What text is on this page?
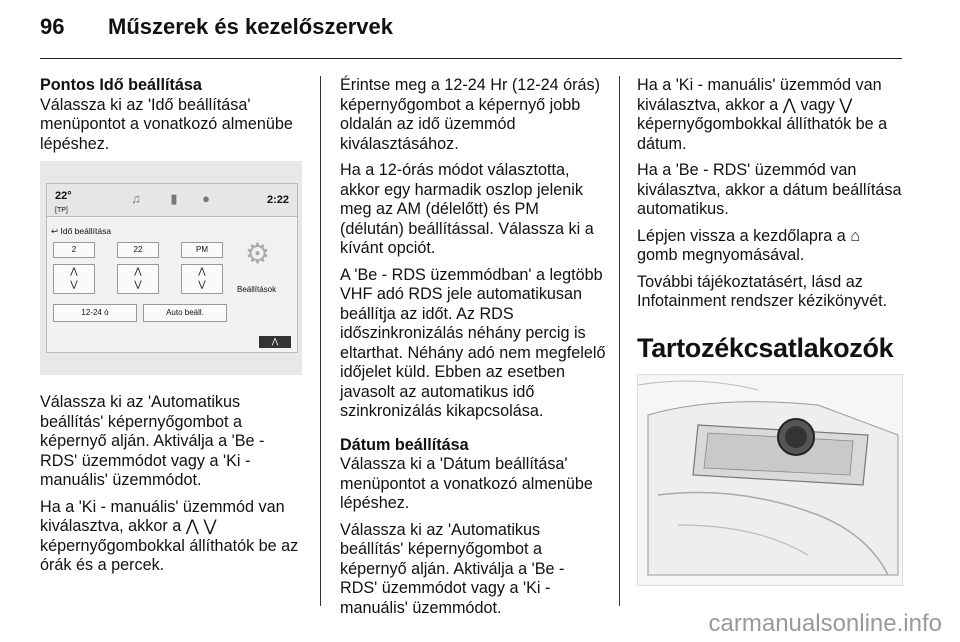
96 Műszerek és kezelőszervek
Pontos Idő beállítása

Válassza ki az 'Idő beállítása' menüpontot a vonatkozó almenübe lépéshez.

22°
[TP]
♫	▮	●	2:22
↩ Idő beállítása
2	22	PM
⋀
⋁
⋀
⋁
⋀
⋁
12-24 ó	Auto beáll.
⚙
Beállítások
⋀

Válassza ki az 'Automatikus beállítás' képernyőgombot a képernyő alján. Aktiválja a 'Be - RDS' üzemmódot vagy a 'Ki - manuális' üzemmódot.

Ha a 'Ki - manuális' üzemmód van kiválasztva, akkor a ⋀ ⋁ képernyőgombokkal állíthatók be az órák és a percek.

Érintse meg a 12-24 Hr (12-24 órás) képernyőgombot a képernyő jobb oldalán az idő üzemmód kiválasztásához.

Ha a 12-órás módot választotta, akkor egy harmadik oszlop jelenik meg az AM (délelőtt) és PM (délután) beállítással. Válassza ki a kívánt opciót.

A 'Be - RDS üzemmódban' a legtöbb VHF adó RDS jele automatikusan beállítja az időt. Az RDS időszinkronizálás néhány percig is eltarthat. Néhány adó nem megfelelő időjelet küld. Ebben az esetben javasolt az automatikus idő szinkronizálás kikapcsolása.

Dátum beállítása

Válassza ki a 'Dátum beállítása' menüpontot a vonatkozó almenübe lépéshez.

Válassza ki az 'Automatikus beállítás' képernyőgombot a képernyő alján. Aktiválja a 'Be - RDS' üzemmódot vagy a 'Ki - manuális' üzemmódot.

Ha a 'Ki - manuális' üzemmód van kiválasztva, akkor a ⋀ vagy ⋁ képernyőgombokkal állíthatók be a dátum.

Ha a 'Be - RDS' üzemmód van kiválasztva, akkor a dátum beállítása automatikus.

Lépjen vissza a kezdőlapra a ⌂ gomb megnyomásával.

További tájékoztatásért, lásd az Infotainment rendszer kézikönyvét.

Tartozékcsatlakozók
carmanualsonline.info
